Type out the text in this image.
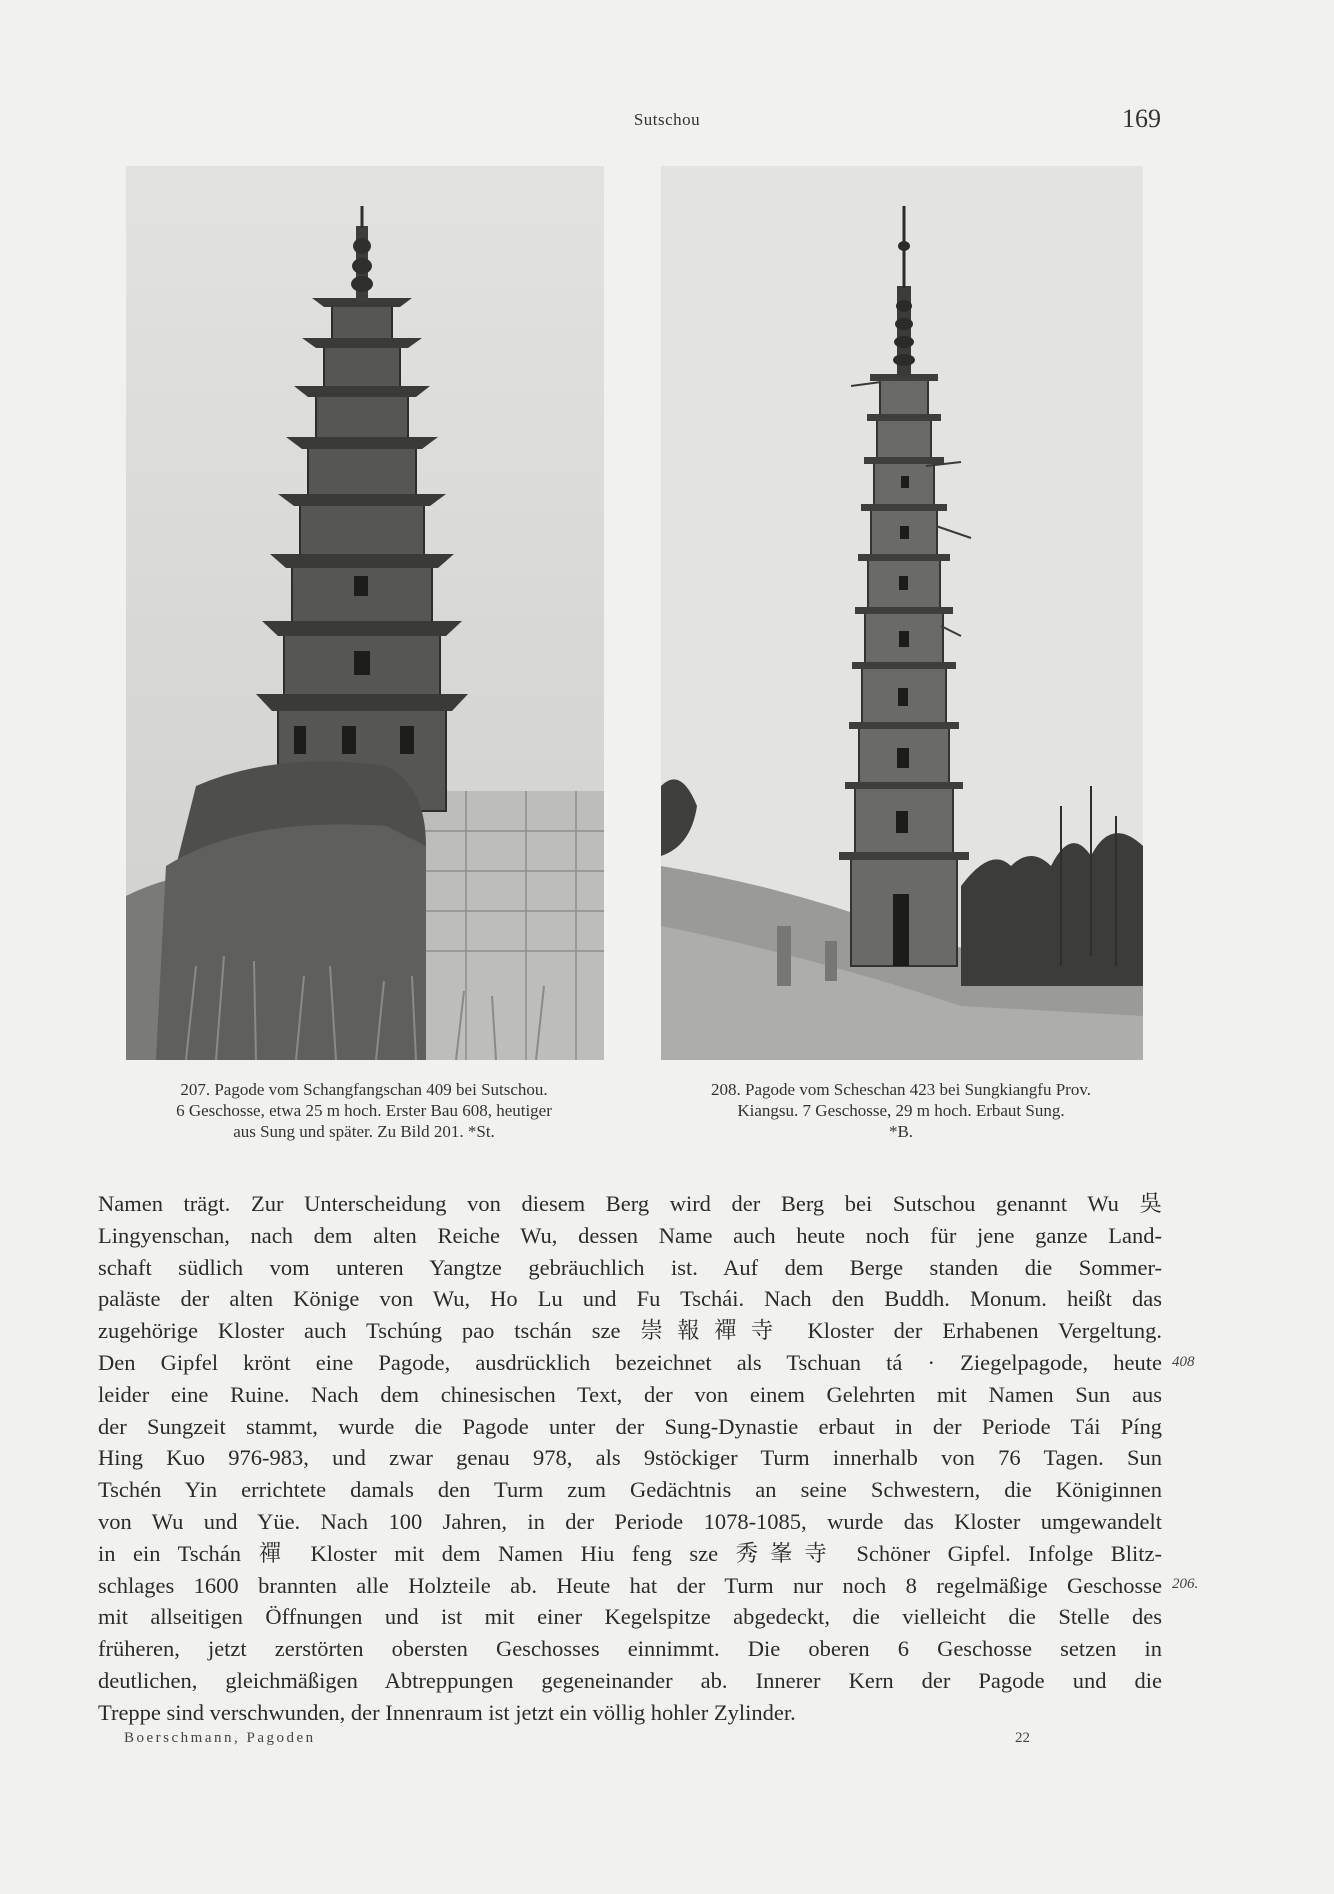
Sutschou	169
207. Pagode vom Schangfangschan 409 bei Sutschou.
6 Geschosse, etwa 25 m hoch. Erster Bau 608, heutiger
aus Sung und später. Zu Bild 201. *St.
208. Pagode vom Scheschan 423 bei Sungkiangfu Prov.
Kiangsu. 7 Geschosse, 29 m hoch. Erbaut Sung.
*B.
Namen trägt. Zur Unterscheidung von diesem Berg wird der Berg bei Sutschou genannt Wu 吳
Lingyenschan, nach dem alten Reiche Wu, dessen Name auch heute noch für jene ganze Land-
schaft südlich vom unteren Yangtze gebräuchlich ist. Auf dem Berge standen die Sommer-
paläste der alten Könige von Wu, Ho Lu und Fu Tschái. Nach den Buddh. Monum. heißt das
zugehörige Kloster auch Tschúng pao tschán sze 崇報禪寺 Kloster der Erhabenen Vergeltung.
Den Gipfel krönt eine Pagode, ausdrücklich bezeichnet als Tschuan tá · Ziegelpagode, heute
leider eine Ruine. Nach dem chinesischen Text, der von einem Gelehrten mit Namen Sun aus
der Sungzeit stammt, wurde die Pagode unter der Sung-Dynastie erbaut in der Periode Tái Píng
Hing Kuo 976-983, und zwar genau 978, als 9stöckiger Turm innerhalb von 76 Tagen. Sun
Tschén Yin errichtete damals den Turm zum Gedächtnis an seine Schwestern, die Königinnen
von Wu und Yüe. Nach 100 Jahren, in der Periode 1078-1085, wurde das Kloster umgewandelt
in ein Tschán 禪 Kloster mit dem Namen Hiu feng sze 秀峯寺 Schöner Gipfel. Infolge Blitz-
schlages 1600 brannten alle Holzteile ab. Heute hat der Turm nur noch 8 regelmäßige Geschosse
mit allseitigen Öffnungen und ist mit einer Kegelspitze abgedeckt, die vielleicht die Stelle des
früheren, jetzt zerstörten obersten Geschosses einnimmt. Die oberen 6 Geschosse setzen in
deutlichen, gleichmäßigen Abtreppungen gegeneinander ab. Innerer Kern der Pagode und die
Treppe sind verschwunden, der Innenraum ist jetzt ein völlig hohler Zylinder.
408
206.
Boerschmann, Pagoden	22
